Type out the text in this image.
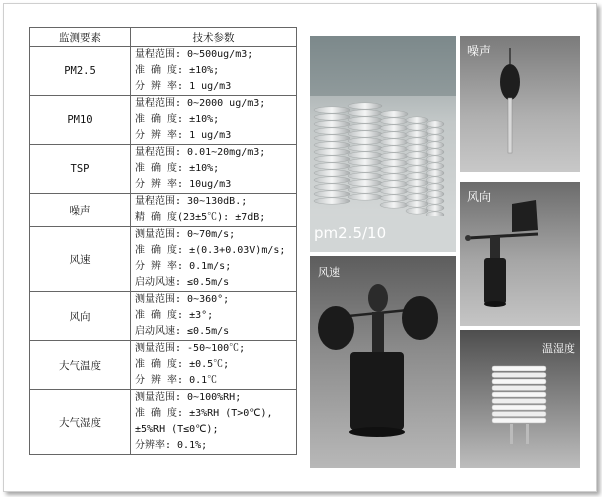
监测要素	技术参数
PM2.5	量程范围: 0~500ug/m3;
准 确 度: ±10%;
分 辨 率: 1 ug/m3

PM10	量程范围: 0~2000 ug/m3;
准 确 度: ±10%;
分 辨 率: 1 ug/m3

TSP	量程范围: 0.01~20mg/m3;
准 确 度: ±10%;
分 辨 率: 10ug/m3

噪声	量程范围: 30~130dB.;
精 确 度(23±5℃): ±7dB;

风速	测量范围: 0~70m/s;
准 确 度: ±(0.3+0.03V)m/s;
分 辨 率: 0.1m/s;
启动风速: ≤0.5m/s

风向	测量范围: 0~360°;
准 确 度: ±3°;
启动风速: ≤0.5m/s

大气温度	测量范围: -50~100℃;
准 确 度: ±0.5℃;
分 辨 率: 0.1℃

大气湿度	测量范围: 0~100%RH;
准 确 度: ±3%RH (T>0℃),
±5%RH (T≤0℃);
分辨率: 0.1%;
pm2.5/10
噪声
风向
风速
温湿度
